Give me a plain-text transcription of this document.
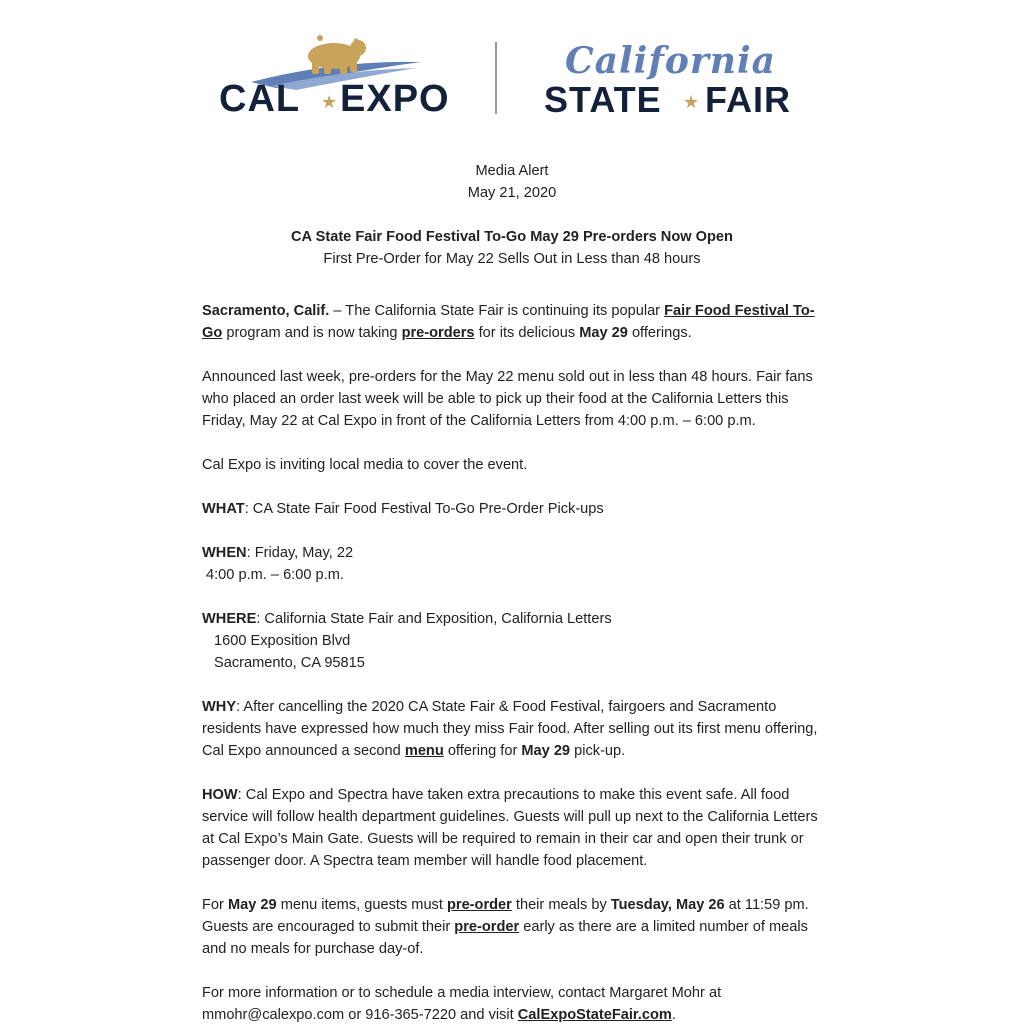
CAL ★ EXPO
California
STATE ★ FAIR

Media Alert

May 21, 2020

CA State Fair Food Festival To-Go May 29 Pre-orders Now Open

First Pre-Order for May 22 Sells Out in Less than 48 hours

Sacramento, Calif. – The California State Fair is continuing its popular Fair Food Festival To-Go program and is now taking pre-orders for its delicious May 29 offerings.

Announced last week, pre-orders for the May 22 menu sold out in less than 48 hours. Fair fans who placed an order last week will be able to pick up their food at the California Letters this Friday, May 22 at Cal Expo in front of the California Letters from 4:00 p.m. – 6:00 p.m.

Cal Expo is inviting local media to cover the event.

WHAT: CA State Fair Food Festival To-Go Pre-Order Pick-ups

WHEN: Friday, May, 22

4:00 p.m. – 6:00 p.m.

WHERE: California State Fair and Exposition, California Letters

1600 Exposition Blvd

Sacramento, CA 95815

WHY: After cancelling the 2020 CA State Fair & Food Festival, fairgoers and Sacramento residents have expressed how much they miss Fair food. After selling out its first menu offering, Cal Expo announced a second menu offering for May 29 pick-up.

HOW: Cal Expo and Spectra have taken extra precautions to make this event safe. All food service will follow health department guidelines. Guests will pull up next to the California Letters at Cal Expo’s Main Gate. Guests will be required to remain in their car and open their trunk or passenger door. A Spectra team member will handle food placement.

For May 29 menu items, guests must pre-order their meals by Tuesday, May 26 at 11:59 pm. Guests are encouraged to submit their pre-order early as there are a limited number of meals and no meals for purchase day-of.

For more information or to schedule a media interview, contact Margaret Mohr at mmohr@calexpo.com or 916-365-7220 and visit CalExpoStateFair.com.
